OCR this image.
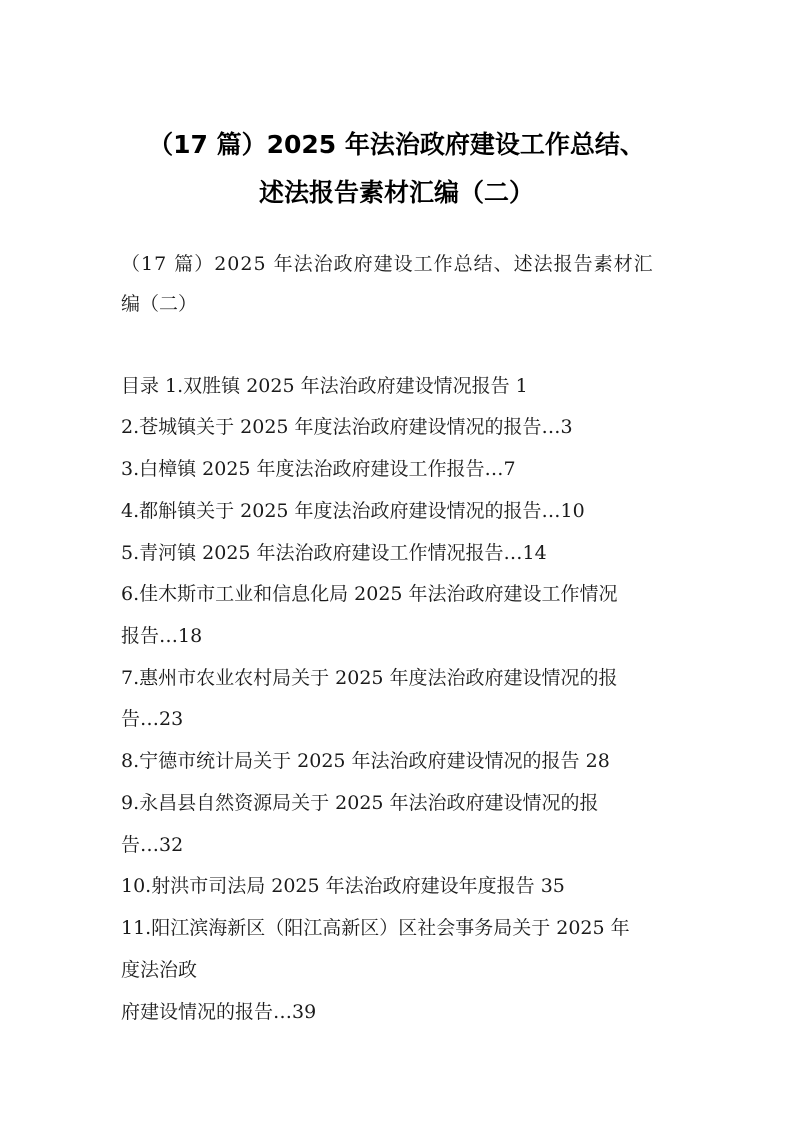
（17 篇）2025 年法治政府建设工作总结、
述法报告素材汇编（二）
（17 篇）2025 年法治政府建设工作总结、述法报告素材汇
编（二）
目录 1.双胜镇 2025 年法治政府建设情况报告 1
2.苍城镇关于 2025 年度法治政府建设情况的报告…3
3.白樟镇 2025 年度法治政府建设工作报告…7
4.都斛镇关于 2025 年度法治政府建设情况的报告…10
5.青河镇 2025 年法治政府建设工作情况报告…14
6.佳木斯市工业和信息化局 2025 年法治政府建设工作情况
报告…18
7.惠州市农业农村局关于 2025 年度法治政府建设情况的报
告…23
8.宁德市统计局关于 2025 年法治政府建设情况的报告 28
9.永昌县自然资源局关于 2025 年法治政府建设情况的报
告…32
10.射洪市司法局 2025 年法治政府建设年度报告 35
11.阳江滨海新区（阳江高新区）区社会事务局关于 2025 年
度法治政
府建设情况的报告…39
